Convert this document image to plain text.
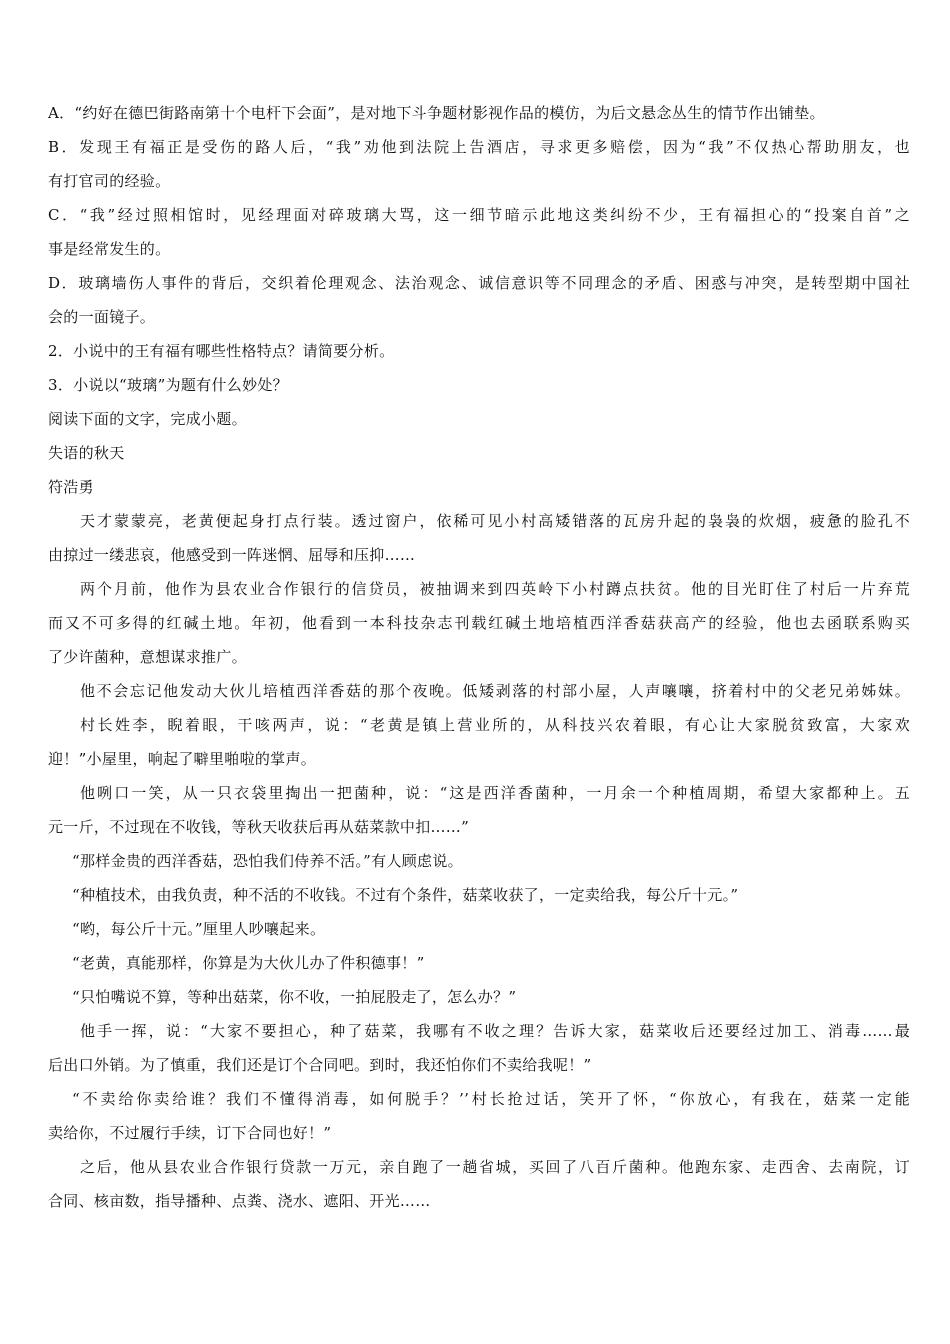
A．“约好在德巴街路南第十个电杆下会面”，是对地下斗争题材影视作品的模仿，为后文悬念丛生的情节作出铺垫。
B．发现王有福正是受伤的路人后，“我”劝他到法院上告酒店，寻求更多赔偿，因为“我”不仅热心帮助朋友，也
有打官司的经验。
C．“我”经过照相馆时，见经理面对碎玻璃大骂，这一细节暗示此地这类纠纷不少，王有福担心的“投案自首”之
事是经常发生的。
D．玻璃墙伤人事件的背后，交织着伦理观念、法治观念、诚信意识等不同理念的矛盾、困惑与冲突，是转型期中国社
会的一面镜子。
2．小说中的王有福有哪些性格特点？请简要分析。
3．小说以“玻璃”为题有什么妙处？
阅读下面的文字，完成小题。
失语的秋天
符浩勇
天才蒙蒙亮，老黄便起身打点行装。透过窗户，依稀可见小村高矮错落的瓦房升起的袅袅的炊烟，疲惫的脸孔不
由掠过一缕悲哀，他感受到一阵迷惘、屈辱和压抑……
两个月前，他作为县农业合作银行的信贷员，被抽调来到四英岭下小村蹲点扶贫。他的目光盯住了村后一片弃荒
而又不可多得的红碱土地。年初，他看到一本科技杂志刊载红碱土地培植西洋香菇获高产的经验，他也去函联系购买
了少许菌种，意想谋求推广。
他不会忘记他发动大伙儿培植西洋香菇的那个夜晚。低矮剥落的村部小屋，人声嚷嚷，挤着村中的父老兄弟姊妹。
村长姓李，睨着眼，干咳两声，说：“老黄是镇上营业所的，从科技兴农着眼，有心让大家脱贫致富，大家欢
迎！”小屋里，响起了噼里啪啦的掌声。
他咧口一笑，从一只衣袋里掏出一把菌种，说：“这是西洋香菌种，一月余一个种植周期，希望大家都种上。五
元一斤，不过现在不收钱，等秋天收获后再从菇菜款中扣……”
“那样金贵的西洋香菇，恐怕我们侍养不活。”有人顾虑说。
“种植技术，由我负责，种不活的不收钱。不过有个条件，菇菜收获了，一定卖给我，每公斤十元。”
“哟，每公斤十元。”厘里人吵嚷起来。
“老黄，真能那样，你算是为大伙儿办了件积德事！”
“只怕嘴说不算，等种出菇菜，你不收，一拍屁股走了，怎么办？”
他手一挥，说：“大家不要担心，种了菇菜，我哪有不收之理？告诉大家，菇菜收后还要经过加工、消毒……最
后出口外销。为了慎重，我们还是订个合同吧。到时，我还怕你们不卖给我呢！”
“不卖给你卖给谁？我们不懂得消毒，如何脱手？’’村长抢过话，笑开了怀，“你放心，有我在，菇菜一定能
卖给你，不过履行手续，订下合同也好！”
之后，他从县农业合作银行贷款一万元，亲自跑了一趟省城，买回了八百斤菌种。他跑东家、走西舍、去南院，订
合同、核亩数，指导播种、点粪、浇水、遮阳、开光……
